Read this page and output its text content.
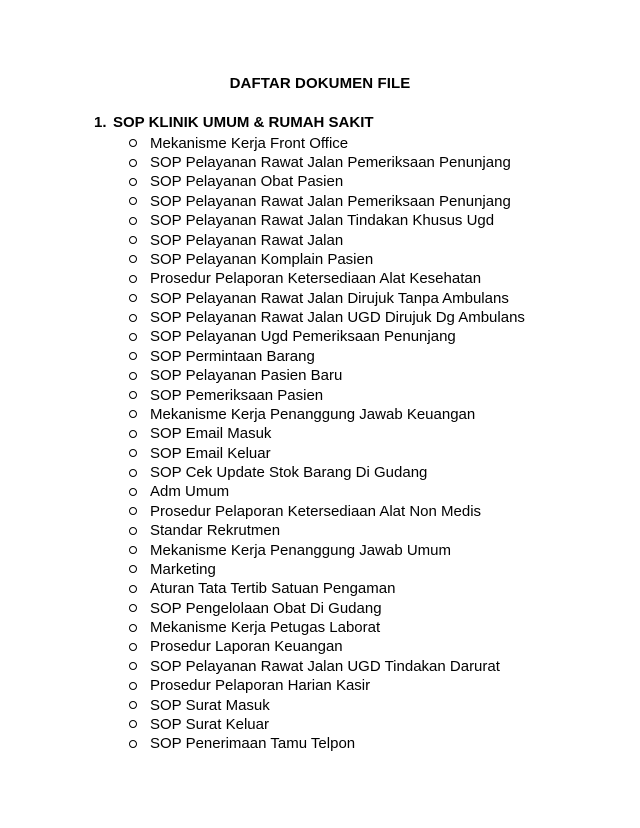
DAFTAR DOKUMEN FILE
1. SOP KLINIK UMUM & RUMAH SAKIT
Mekanisme Kerja Front Office
SOP Pelayanan Rawat Jalan Pemeriksaan Penunjang
SOP Pelayanan Obat Pasien
SOP Pelayanan Rawat Jalan Pemeriksaan Penunjang
SOP Pelayanan Rawat Jalan Tindakan Khusus Ugd
SOP Pelayanan Rawat Jalan
SOP Pelayanan Komplain Pasien
Prosedur Pelaporan Ketersediaan Alat Kesehatan
SOP Pelayanan Rawat Jalan Dirujuk Tanpa Ambulans
SOP Pelayanan Rawat Jalan UGD Dirujuk Dg Ambulans
SOP Pelayanan Ugd Pemeriksaan Penunjang
SOP Permintaan Barang
SOP Pelayanan Pasien Baru
SOP Pemeriksaan Pasien
Mekanisme Kerja Penanggung Jawab Keuangan
SOP Email Masuk
SOP Email Keluar
SOP Cek Update Stok Barang Di Gudang
Adm Umum
Prosedur Pelaporan Ketersediaan Alat Non Medis
Standar Rekrutmen
Mekanisme Kerja Penanggung Jawab Umum
Marketing
Aturan Tata Tertib Satuan Pengaman
SOP Pengelolaan Obat Di Gudang
Mekanisme Kerja Petugas Laborat
Prosedur Laporan Keuangan
SOP Pelayanan Rawat Jalan UGD Tindakan Darurat
Prosedur Pelaporan Harian Kasir
SOP Surat Masuk
SOP Surat Keluar
SOP Penerimaan Tamu Telpon
